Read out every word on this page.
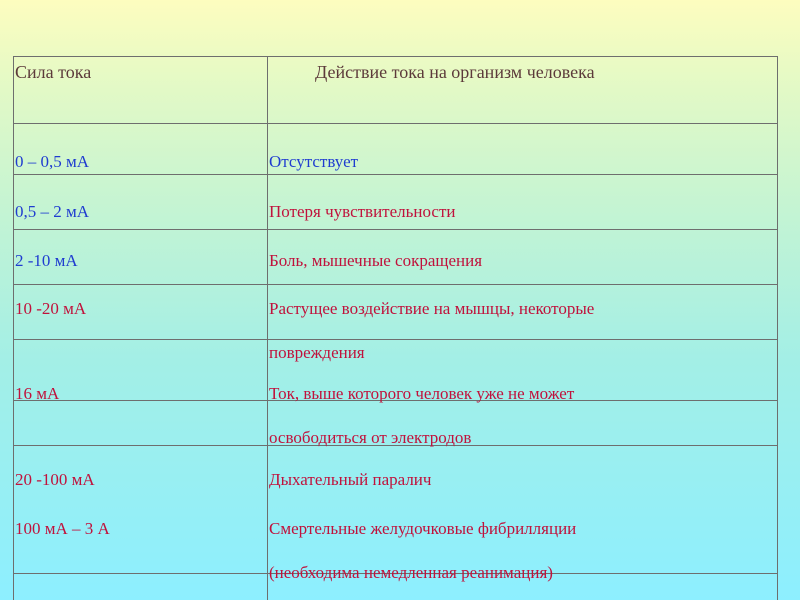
Сила тока	Действие тока на организм человека
0 – 0,5 мА	Отсутствует
0,5 – 2 мА	Потеря чувствительности
2 -10 мА	Боль, мышечные сокращения
10 -20 мА	Растущее воздействие на мышцы, некоторые
повреждения
16 мА	Ток, выше которого человек уже не может
освободиться от электродов
20 -100 мА	Дыхательный паралич
100 мА – 3 А	Смертельные желудочковые фибрилляции
(необходима немедленная реанимация)
